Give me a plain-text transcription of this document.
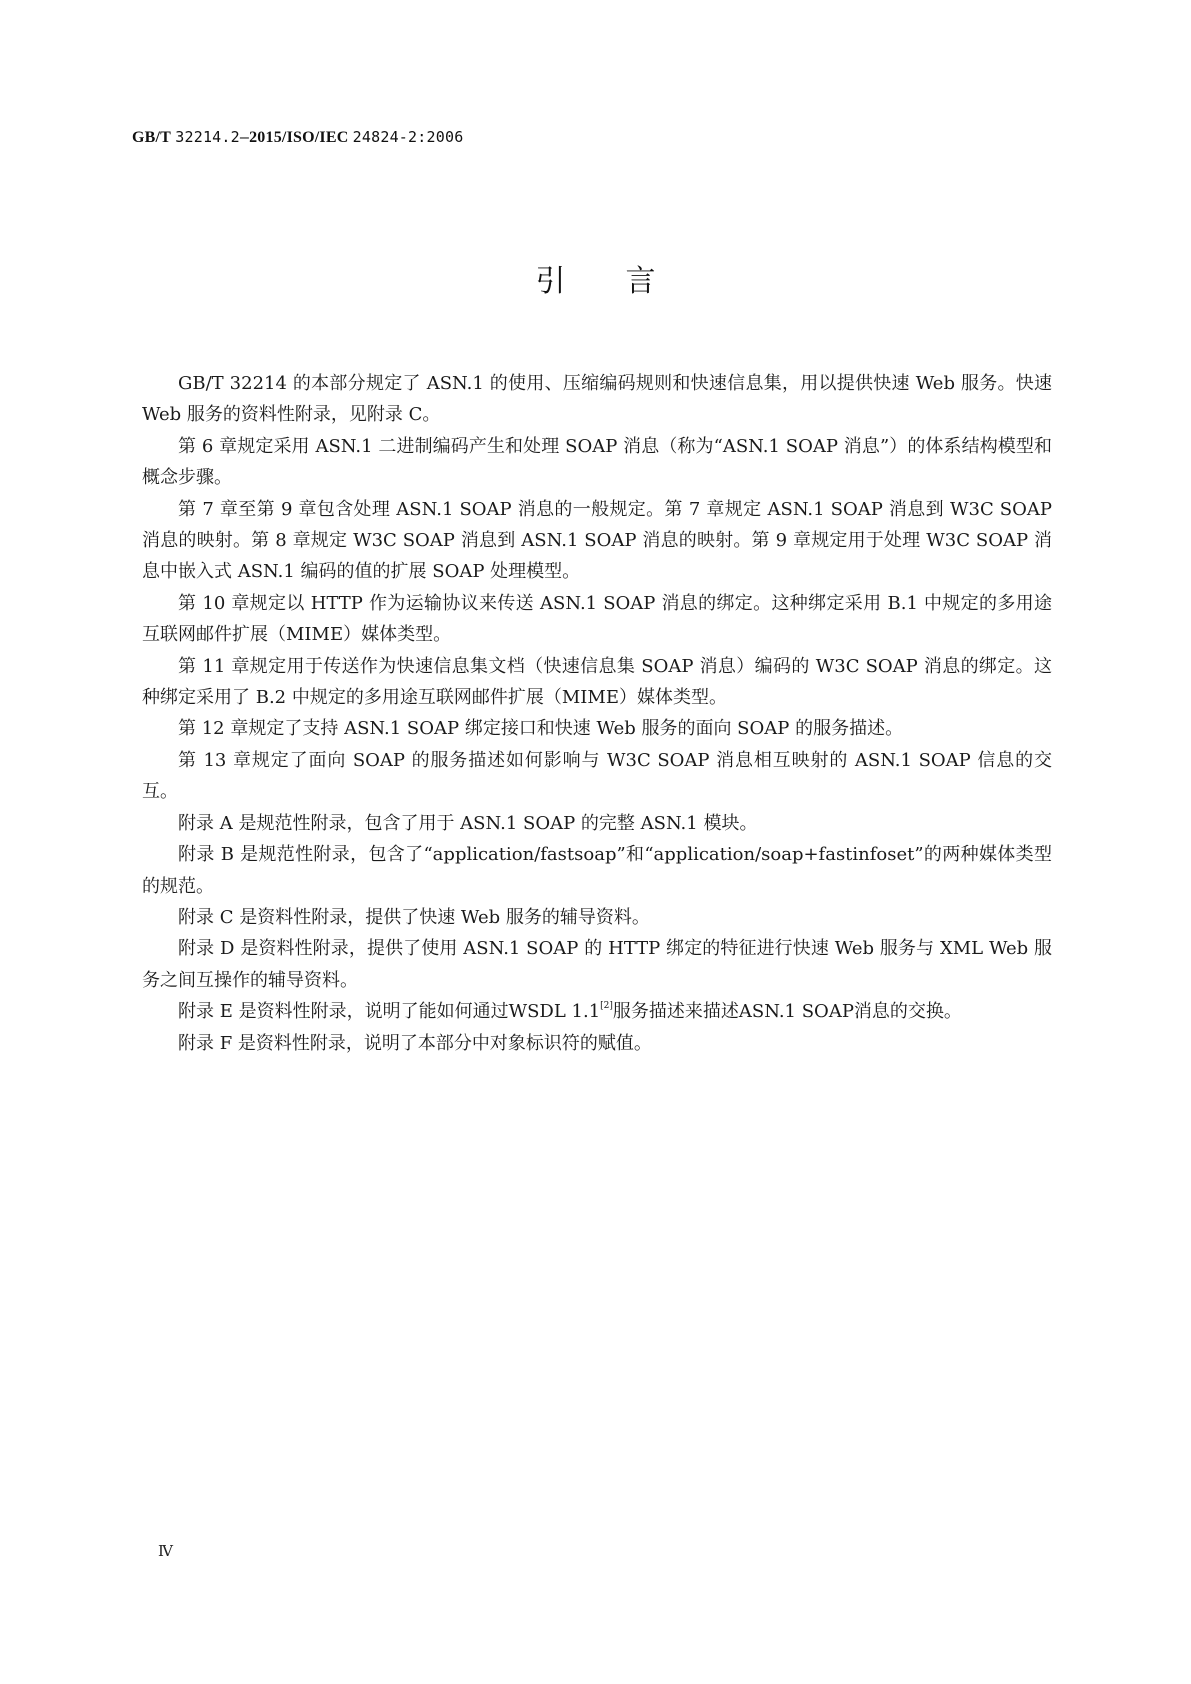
GB/T 32214.2—2015/ISO/IEC 24824-2:2006
引言

GB/T 32214 的本部分规定了 ASN.1 的使用、压缩编码规则和快速信息集，用以提供快速 Web 服务。快速 Web 服务的资料性附录，见附录 C。

第 6 章规定采用 ASN.1 二进制编码产生和处理 SOAP 消息（称为“ASN.1 SOAP 消息”）的体系结构模型和概念步骤。

第 7 章至第 9 章包含处理 ASN.1 SOAP 消息的一般规定。第 7 章规定 ASN.1 SOAP 消息到 W3C SOAP 消息的映射。第 8 章规定 W3C SOAP 消息到 ASN.1 SOAP 消息的映射。第 9 章规定用于处理 W3C SOAP 消息中嵌入式 ASN.1 编码的值的扩展 SOAP 处理模型。

第 10 章规定以 HTTP 作为运输协议来传送 ASN.1 SOAP 消息的绑定。这种绑定采用 B.1 中规定的多用途互联网邮件扩展（MIME）媒体类型。

第 11 章规定用于传送作为快速信息集文档（快速信息集 SOAP 消息）编码的 W3C SOAP 消息的绑定。这种绑定采用了 B.2 中规定的多用途互联网邮件扩展（MIME）媒体类型。

第 12 章规定了支持 ASN.1 SOAP 绑定接口和快速 Web 服务的面向 SOAP 的服务描述。

第 13 章规定了面向 SOAP 的服务描述如何影响与 W3C SOAP 消息相互映射的 ASN.1 SOAP 信息的交互。

附录 A 是规范性附录，包含了用于 ASN.1 SOAP 的完整 ASN.1 模块。

附录 B 是规范性附录，包含了“application/fastsoap”和“application/soap+fastinfoset”的两种媒体类型的规范。

附录 C 是资料性附录，提供了快速 Web 服务的辅导资料。

附录 D 是资料性附录，提供了使用 ASN.1 SOAP 的 HTTP 绑定的特征进行快速 Web 服务与 XML Web 服务之间互操作的辅导资料。

附录 E 是资料性附录，说明了能如何通过WSDL 1.1[2]服务描述来描述ASN.1 SOAP消息的交换。

附录 F 是资料性附录，说明了本部分中对象标识符的赋值。

Ⅳ
